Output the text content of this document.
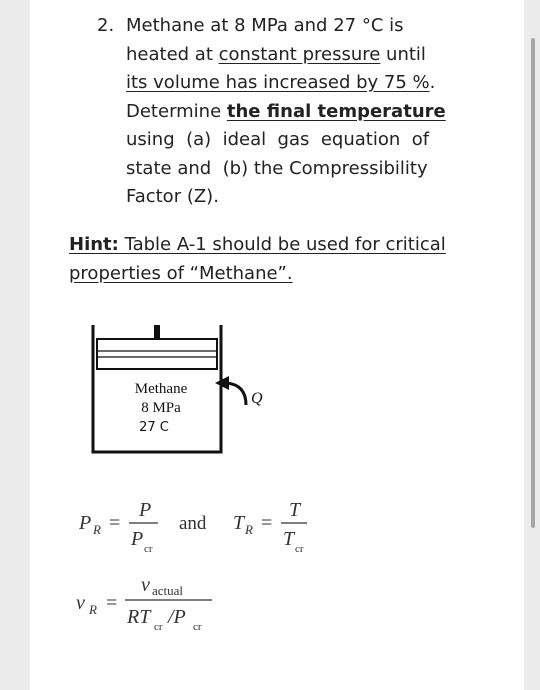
2. Methane at 8 MPa and 27 °C is
heated at constant pressure until
its volume has increased by 75 %.
Determine the final temperature
using  (a)  ideal  gas  equation  of
state and  (b) the Compressibility
Factor (Z).
Hint: Table A-1 should be used for critical
properties of “Methane”.
Methane
8 MPa
27 C
Q
P R =
P
P cr
and T R =
T
T cr
v R =
v actual
RT cr /P cr
